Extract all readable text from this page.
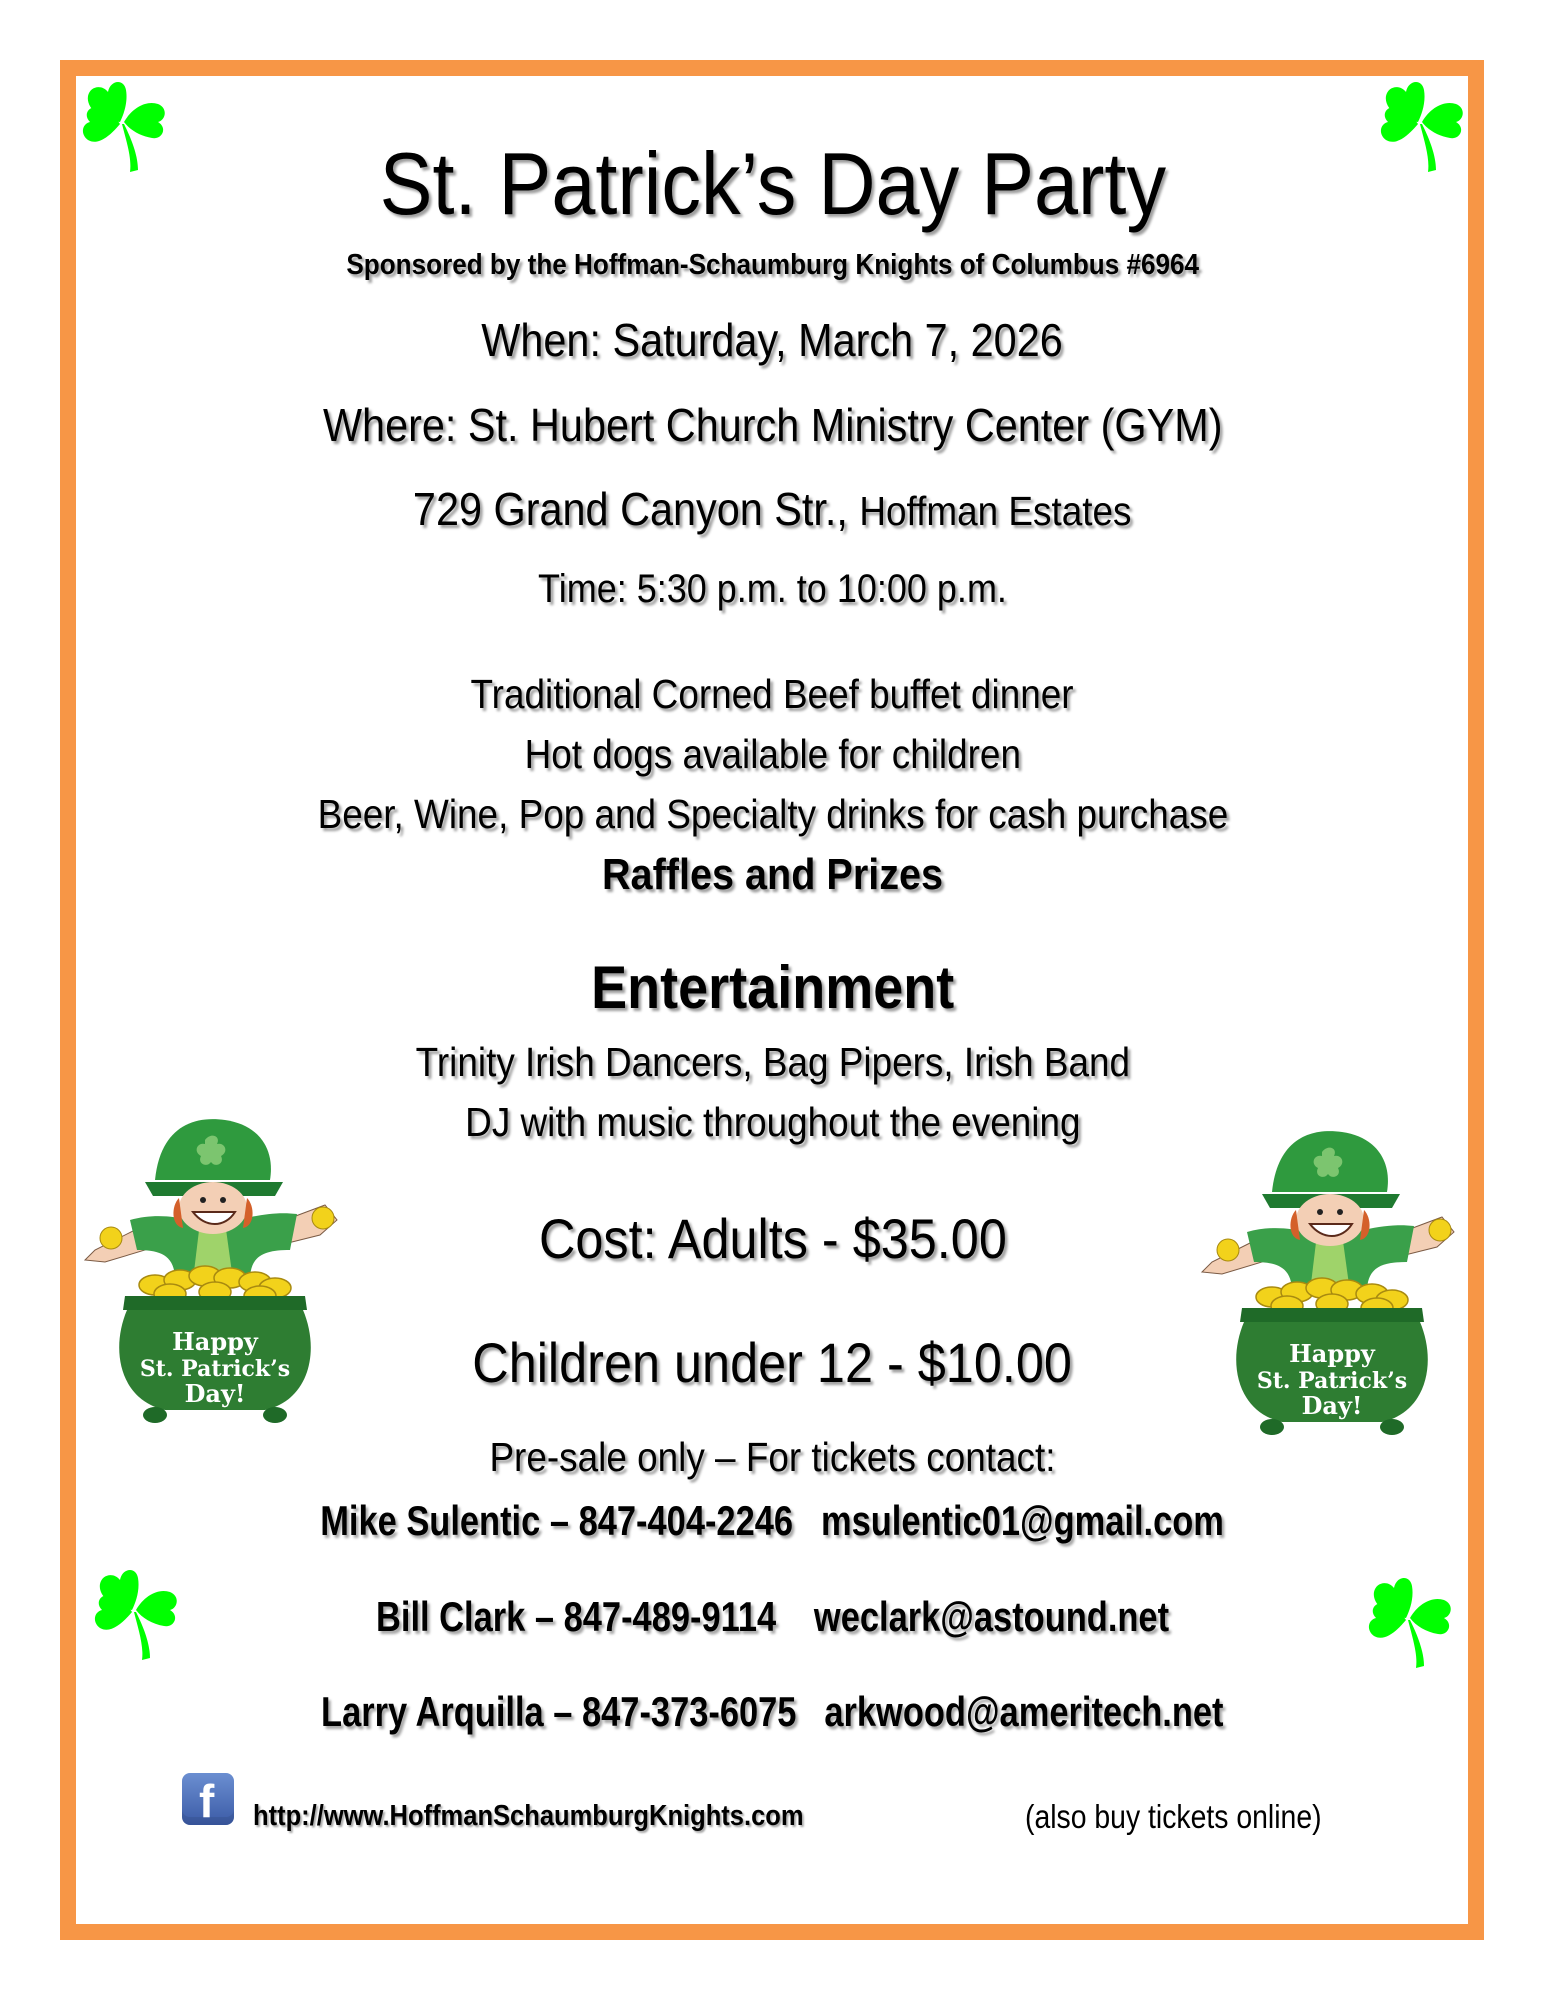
Happy
St. Patrick’s
Day!
Happy
St. Patrick’s
Day!
St. Patrick’s Day Party
Sponsored by the Hoffman-Schaumburg Knights of Columbus #6964
When: Saturday, March 7, 2026
Where: St. Hubert Church Ministry Center (GYM)
729 Grand Canyon Str., Hoffman Estates
Time: 5:30 p.m. to 10:00 p.m.
Traditional Corned Beef buffet dinner
Hot dogs available for children
Beer, Wine, Pop and Specialty drinks for cash purchase
Raffles and Prizes
Entertainment
Trinity Irish Dancers, Bag Pipers, Irish Band
DJ with music throughout the evening
Cost: Adults - $35.00
Children under 12 - $10.00
Pre-sale only – For tickets contact:
Mike Sulentic – 847-404-2246 msulentic01@gmail.com
Bill Clark – 847-489-9114 weclark@astound.net
Larry Arquilla – 847-373-6075 arkwood@ameritech.net
f http://www.HoffmanSchaumburgKnights.com	(also buy tickets online)
